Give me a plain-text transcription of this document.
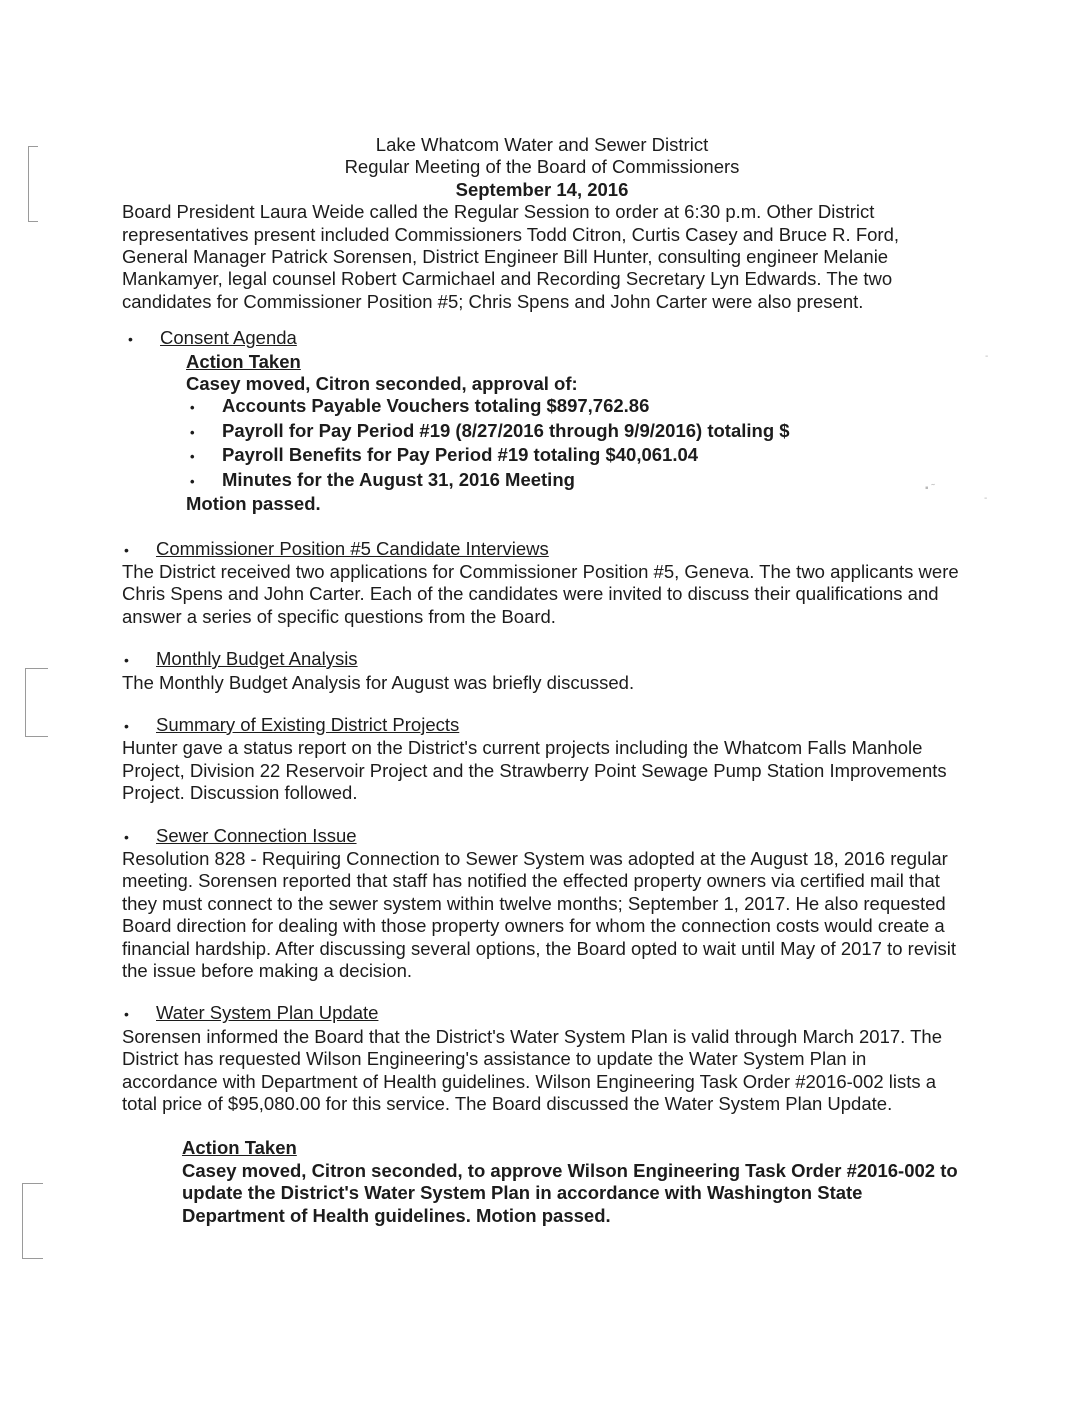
-
▪ ˜
-
Lake Whatcom Water and Sewer District
Regular Meeting of the Board of Commissioners
September 14, 2016

Board President Laura Weide called the Regular Session to order at 6:30 p.m. Other District representatives present included Commissioners Todd Citron, Curtis Casey and Bruce R. Ford, General Manager Patrick Sorensen, District Engineer Bill Hunter, consulting engineer Melanie Mankamyer, legal counsel Robert Carmichael and Recording Secretary Lyn Edwards. The two candidates for Commissioner Position #5; Chris Spens and John Carter were also present.

•	Consent Agenda
Action Taken
Casey moved, Citron seconded, approval of:
•	Accounts Payable Vouchers totaling $897,762.86
•	Payroll for Pay Period #19 (8/27/2016 through 9/9/2016) totaling $
•	Payroll Benefits for Pay Period #19 totaling $40,061.04
•	Minutes for the August 31, 2016 Meeting
Motion passed.
•	Commissioner Position #5 Candidate Interviews

The District received two applications for Commissioner Position #5, Geneva. The two applicants were Chris Spens and John Carter. Each of the candidates were invited to discuss their qualifications and answer a series of specific questions from the Board.

•	Monthly Budget Analysis

The Monthly Budget Analysis for August was briefly discussed.

•	Summary of Existing District Projects

Hunter gave a status report on the District's current projects including the Whatcom Falls Manhole Project, Division 22 Reservoir Project and the Strawberry Point Sewage Pump Station Improvements Project. Discussion followed.

•	Sewer Connection Issue

Resolution 828 - Requiring Connection to Sewer System was adopted at the August 18, 2016 regular meeting. Sorensen reported that staff has notified the effected property owners via certified mail that they must connect to the sewer system within twelve months; September 1, 2017. He also requested Board direction for dealing with those property owners for whom the connection costs would create a financial hardship. After discussing several options, the Board opted to wait until May of 2017 to revisit the issue before making a decision.

•	Water System Plan Update

Sorensen informed the Board that the District's Water System Plan is valid through March 2017. The District has requested Wilson Engineering's assistance to update the Water System Plan in accordance with Department of Health guidelines. Wilson Engineering Task Order #2016-002 lists a total price of $95,080.00 for this service. The Board discussed the Water System Plan Update.

Action Taken
Casey moved, Citron seconded, to approve Wilson Engineering Task Order #2016-002 to update the District's Water System Plan in accordance with Washington State Department of Health guidelines. Motion passed.
